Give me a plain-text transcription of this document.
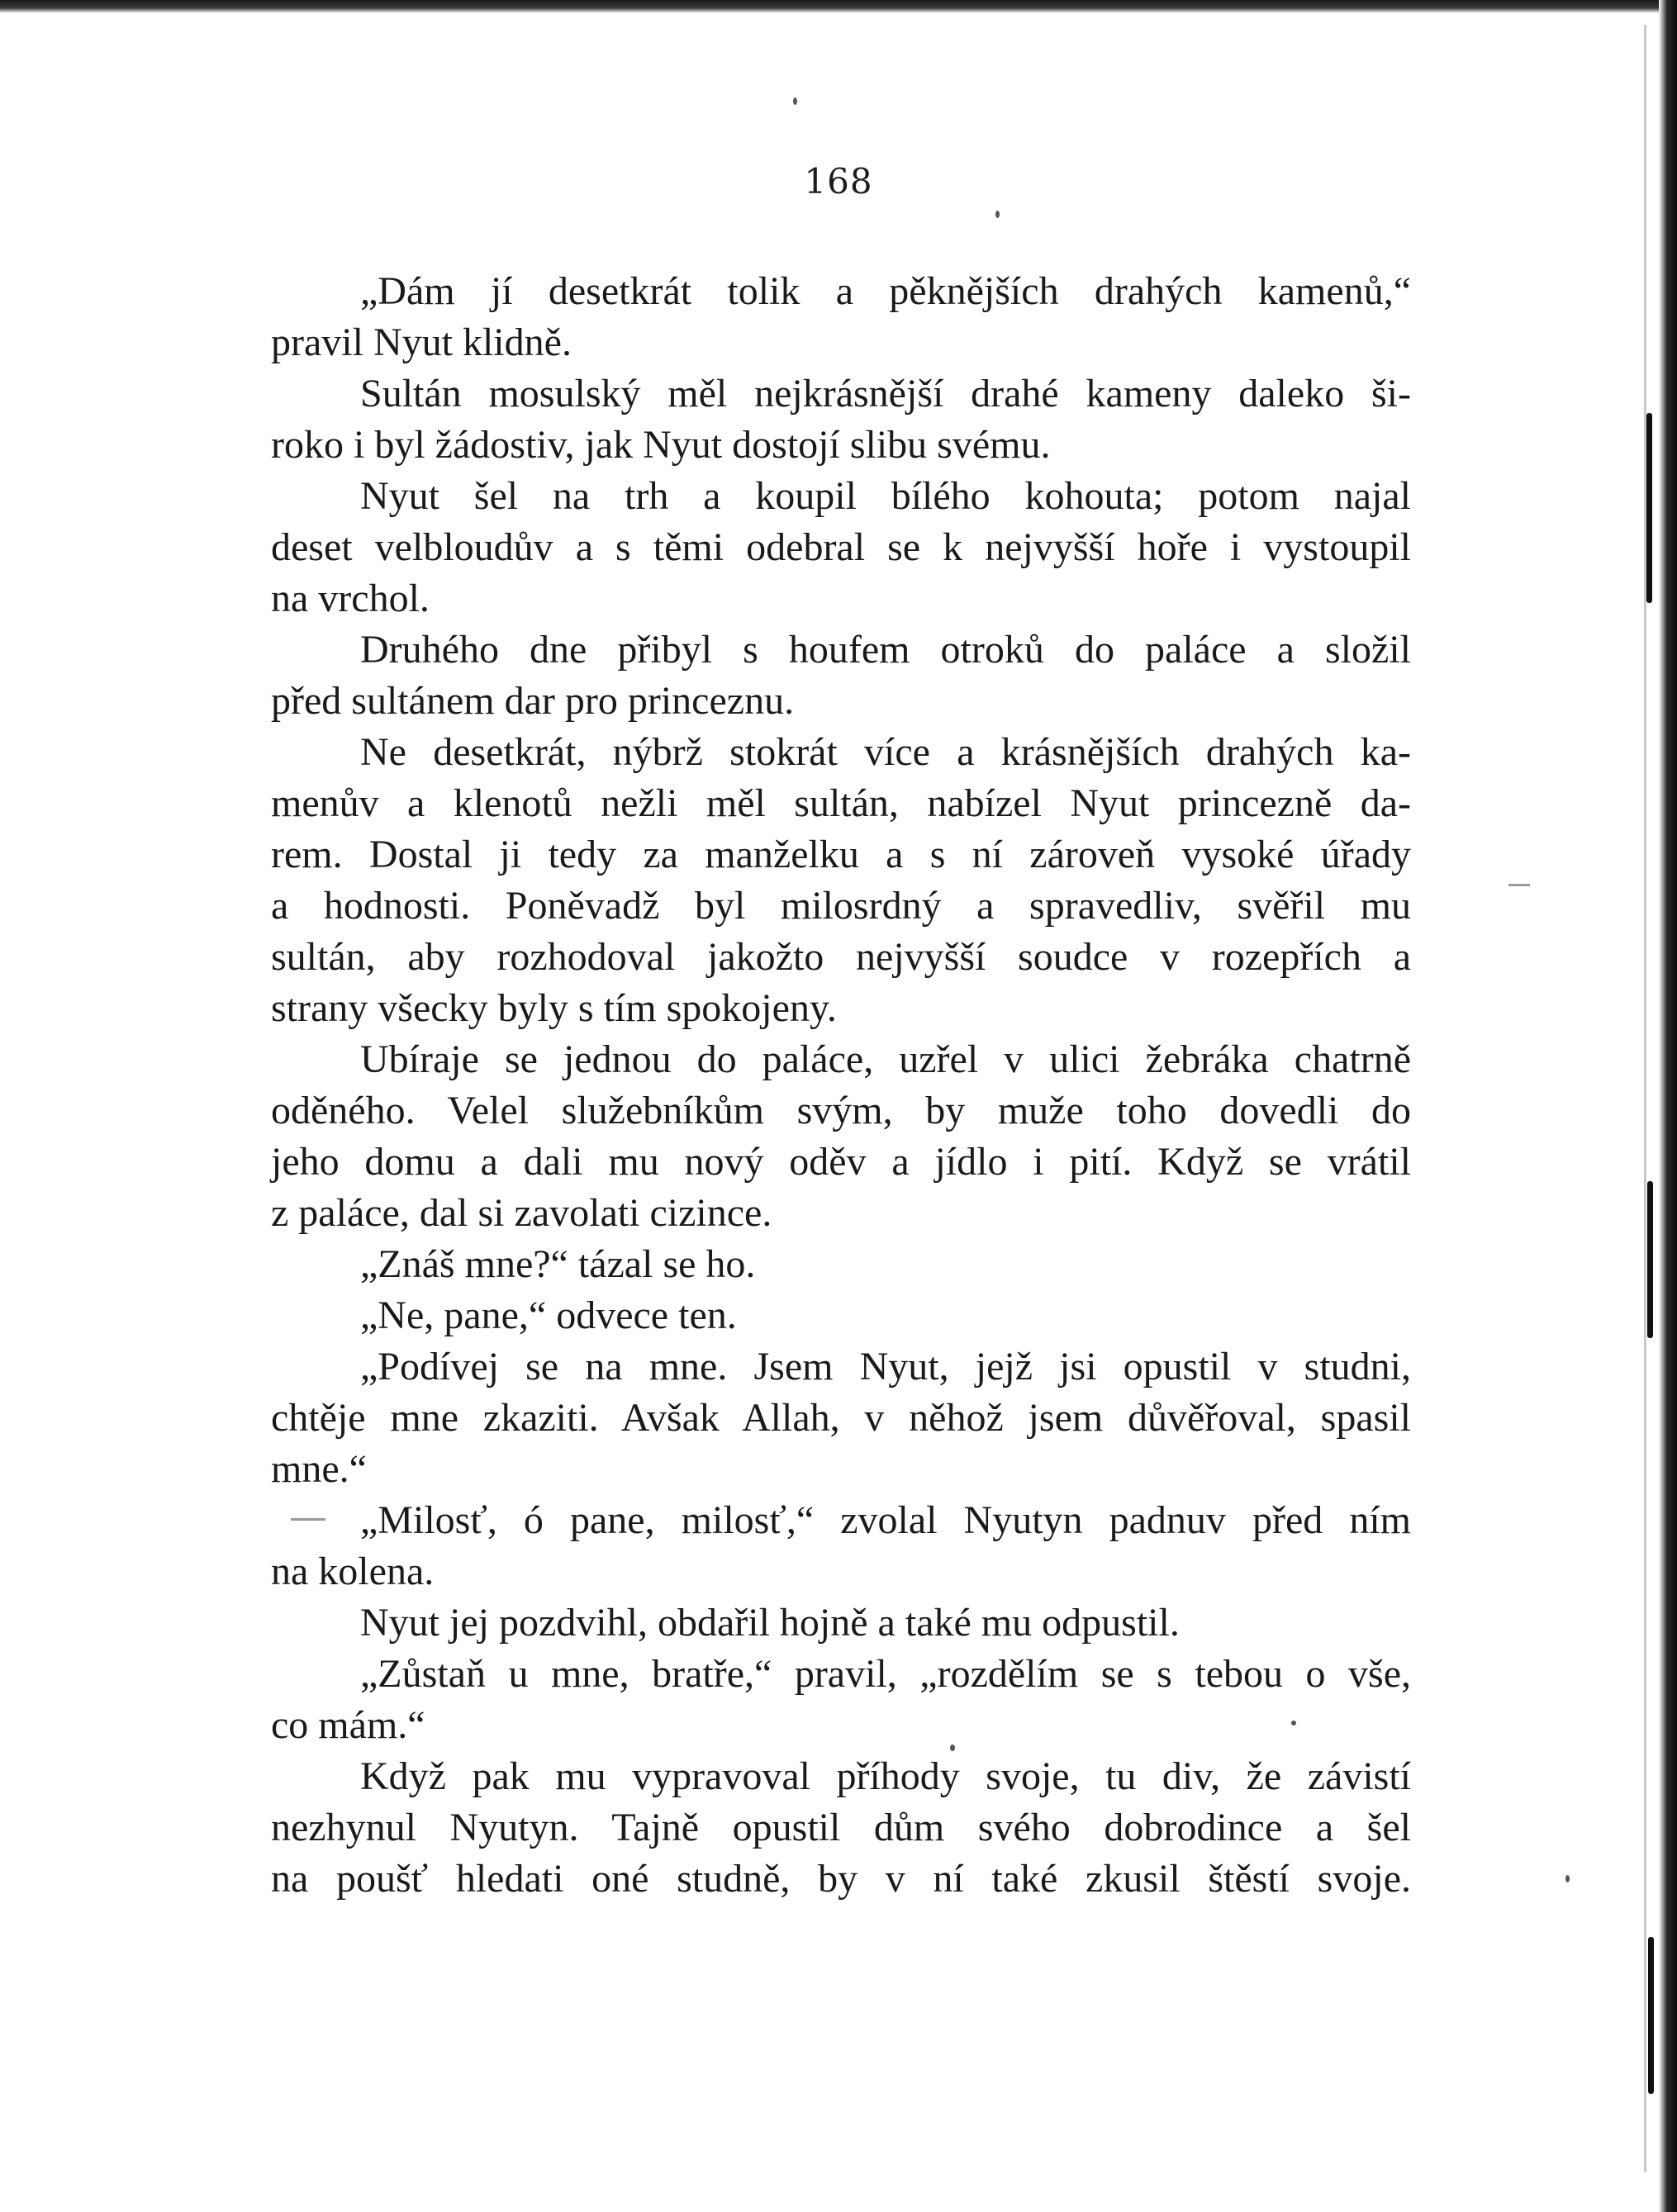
168
„Dám jí desetkrát tolik a pěknějších drahých kamenů,“
pravil Nyut klidně.
Sultán mosulský měl nejkrásnější drahé kameny daleko ši-
roko i byl žádostiv, jak Nyut dostojí slibu svému.
Nyut šel na trh a koupil bílého kohouta; potom najal
deset velbloudův a s těmi odebral se k nejvyšší hoře i vystoupil
na vrchol.
Druhého dne přibyl s houfem otroků do paláce a složil
před sultánem dar pro princeznu.
Ne desetkrát, nýbrž stokrát více a krásnějších drahých ka-
menův a klenotů nežli měl sultán, nabízel Nyut princezně da-
rem. Dostal ji tedy za manželku a s ní zároveň vysoké úřady
a hodnosti. Poněvadž byl milosrdný a spravedliv, svěřil mu
sultán, aby rozhodoval jakožto nejvyšší soudce v rozepřích a
strany všecky byly s tím spokojeny.
Ubíraje se jednou do paláce, uzřel v ulici žebráka chatrně
oděného. Velel služebníkům svým, by muže toho dovedli do
jeho domu a dali mu nový oděv a jídlo i pití. Když se vrátil
z paláce, dal si zavolati cizince.
„Znáš mne?“ tázal se ho.
„Ne, pane,“ odvece ten.
„Podívej se na mne. Jsem Nyut, jejž jsi opustil v studni,
chtěje mne zkaziti. Avšak Allah, v něhož jsem důvěřoval, spasil
mne.“
„Milosť, ó pane, milosť,“ zvolal Nyutyn padnuv před ním
na kolena.
Nyut jej pozdvihl, obdařil hojně a také mu odpustil.
„Zůstaň u mne, bratře,“ pravil, „rozdělím se s tebou o vše,
co mám.“
Když pak mu vypravoval příhody svoje, tu div, že závistí
nezhynul Nyutyn. Tajně opustil dům svého dobrodince a šel
na poušť hledati oné studně, by v ní také zkusil štěstí svoje.
